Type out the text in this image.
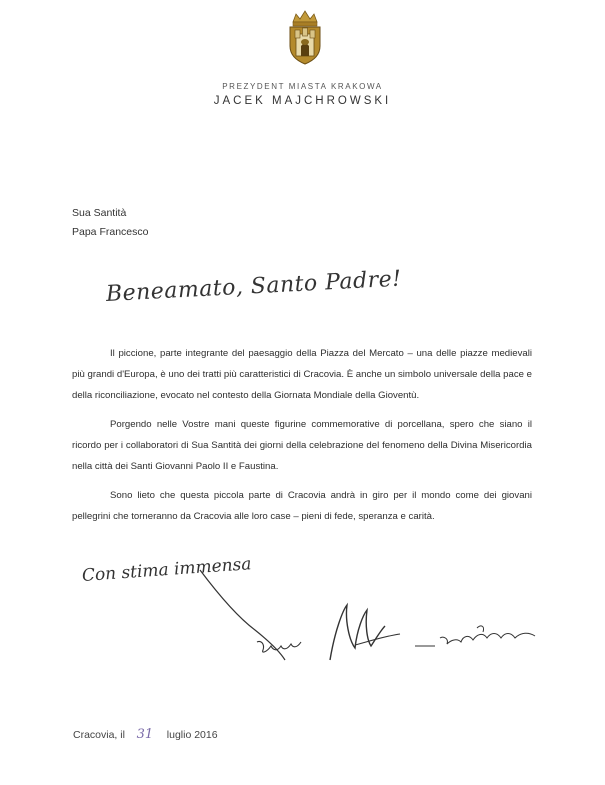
PREZYDENT MIASTA KRAKOWA
JACEK MAJCHROWSKI
Sua Santità
Papa Francesco
Beneamato, Santo Padre!

Il piccione, parte integrante del paesaggio della Piazza del Mercato – una delle piazze medievali più grandi d'Europa, è uno dei tratti più caratteristici di Cracovia. È anche un simbolo universale della pace e della riconciliazione, evocato nel contesto della Giornata Mondiale della Gioventù.

Porgendo nelle Vostre mani queste figurine commemorative di porcellana, spero che siano il ricordo per i collaboratori di Sua Santità dei giorni della celebrazione del fenomeno della Divina Misericordia nella città dei Santi Giovanni Paolo II e Faustina.

Sono lieto che questa piccola parte di Cracovia andrà in giro per il mondo come dei giovani pellegrini che torneranno da Cracovia alle loro case – pieni di fede, speranza e carità.

Con stima immensa
Cracovia, il 31 luglio 2016
